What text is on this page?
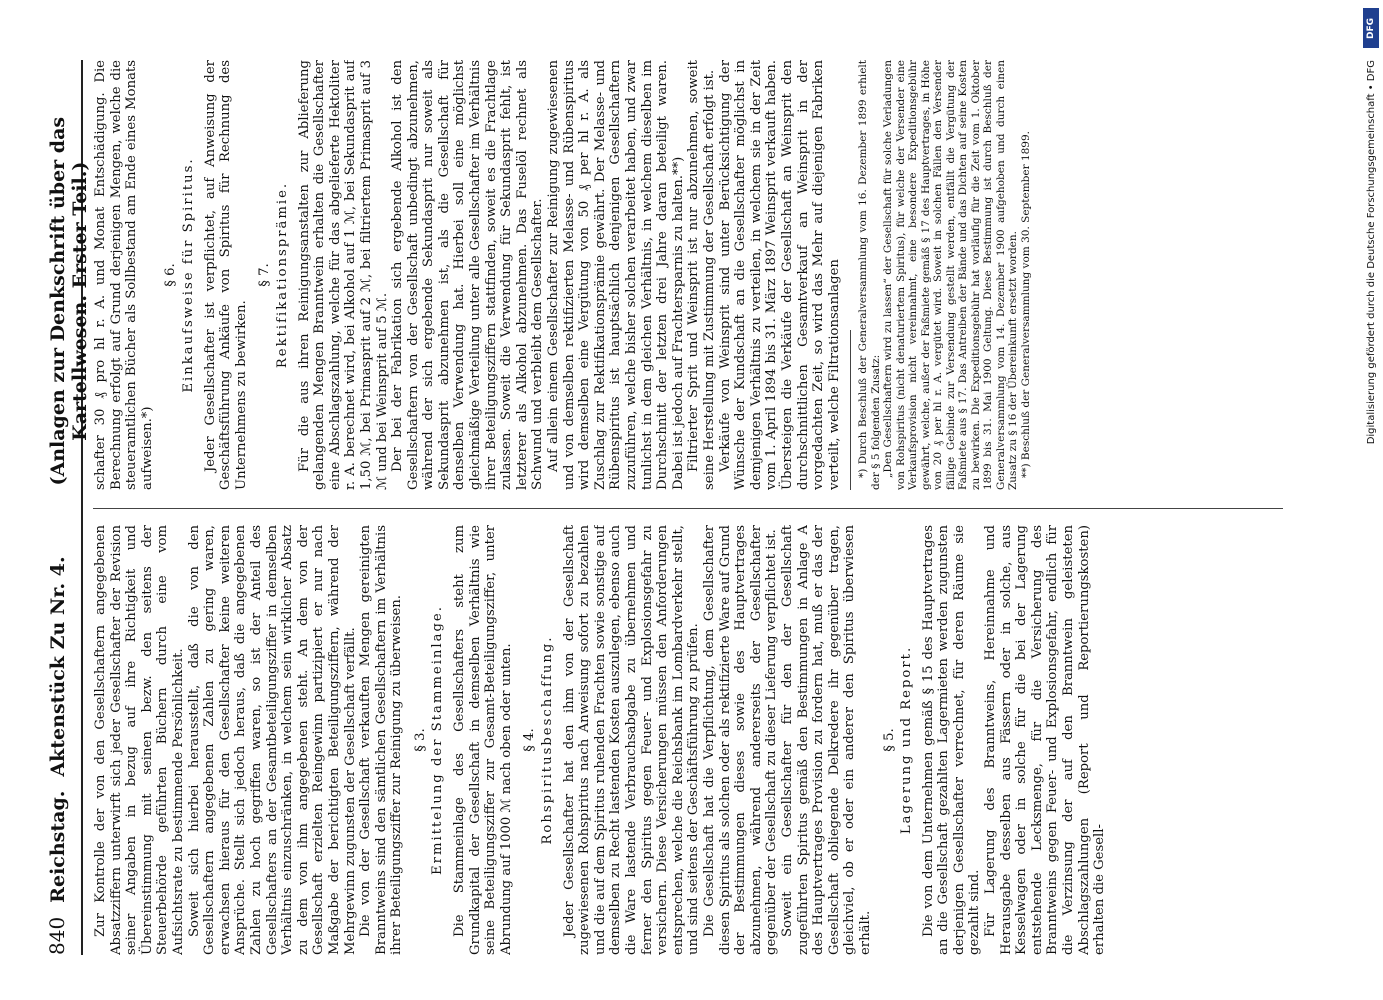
DFG
Digitalisierung gefördert durch die Deutsche Forschungsgemeinschaft • DFG
840
Reichstag.
Aktenstück Zu Nr. 4.
(Anlagen zur Denkschrift über das Kartellwesen. Erster Teil.)

Zur Kontrolle der von den Gesellschaftern angegebenen Absatzziffern unterwirft sich jeder Gesellschafter der Revision seiner Angaben in bezug auf ihre Richtigkeit und Übereinstimmung mit seinen bezw. den seitens der Steuerbehörde geführten Büchern durch eine vom Aufsichtsrate zu bestimmende Persönlichkeit. Soweit sich hierbei herausstellt, daß die von den Gesellschaftern angegebenen Zahlen zu gering waren, erwachsen hieraus für den Gesellschafter keine weiteren Ansprüche. Stellt sich jedoch heraus, daß die angegebenen Zahlen zu hoch gegriffen waren, so ist der Anteil des Gesellschafters an der Gesamtbeteiligungsziffer in demselben Verhältnis einzuschränken, in welchem sein wirklicher Absatz zu dem von ihm angegebenen steht. An dem von der Gesellschaft erzielten Reingewinn partizipiert er nur nach Maßgabe der berichtigten Beteiligungsziffern, während der Mehrgewinn zugunsten der Gesellschaft verfällt. Die von der Gesellschaft verkauften Mengen gereinigten Branntweins sind den sämtlichen Gesellschaftern im Verhältnis ihrer Beteiligungsziffer zur Reinigung zu überweisen. § 3. Ermittelung der Stammeinlage. Die Stammeinlage des Gesellschafters steht zum Grundkapital der Gesellschaft in demselben Verhältnis wie seine Beteiligungsziffer zur Gesamt-Beteiligungsziffer, unter Abrundung auf 1000 ℳ nach oben oder unten. § 4. Rohspiritusbeschaffung. Jeder Gesellschafter hat den ihm von der Gesellschaft zugewiesenen Rohspiritus nach Anweisung sofort zu bezahlen und die auf dem Spiritus ruhenden Frachten sowie sonstige auf demselben zu Recht lastenden Kosten auszulegen, ebenso auch die Ware lastende Verbrauchsabgabe zu übernehmen und ferner den Spiritus gegen Feuer- und Explosionsgefahr zu versichern. Diese Versicherungen müssen den Anforderungen entsprechen, welche die Reichsbank im Lombardverkehr stellt, und sind seitens der Geschäftsführung zu prüfen. Die Gesellschaft hat die Verpflichtung, dem Gesellschafter diesen Spiritus als solchen oder als rektifizierte Ware auf Grund der Bestimmungen dieses sowie des Hauptvertrages abzunehmen, während andererseits der Gesellschafter gegenüber der Gesellschaft zu dieser Lieferung verpflichtet ist. Soweit ein Gesellschafter für den der Gesellschaft zugeführten Spiritus gemäß den Bestimmungen in Anlage A des Hauptvertrages Provision zu fordern hat, muß er das der Gesellschaft obliegende Delkredere ihr gegenüber tragen, gleichviel, ob er oder ein anderer den Spiritus überwiesen erhält.

§ 5. Lagerung und Report. Die von dem Unternehmen gemäß § 15 des Hauptvertrages an die Gesellschaft gezahlten Lagermieten werden zugunsten derjenigen Gesellschafter verrechnet, für deren Räume sie gezahlt sind. Für Lagerung des Branntweins, Hereinnahme und Herausgabe desselben aus Fässern oder in solche, aus Kesselwagen oder in solche für die bei der Lagerung entstehende Lecksmenge, für die Versicherung des Branntweins gegen Feuer- und Explosionsgefahr, endlich für die Verzinsung der auf den Branntwein geleisteten Abschlagszahlungen (Report und Reportierungskosten) erhalten die Gesell-

schafter 30 ₰ pro hl r. A. und Monat Entschädigung. Die Berechnung erfolgt auf Grund derjenigen Mengen, welche die steueramtlichen Bücher als Sollbestand am Ende eines Monats aufweisen.*)

§ 6. Einkaufsweise für Spiritus. Jeder Gesellschafter ist verpflichtet, auf Anweisung der Geschäftsführung Ankäufe von Spiritus für Rechnung des Unternehmens zu bewirken.

§ 7. Rektifikationsprämie. Für die aus ihren Reinigungsanstalten zur Ablieferung gelangenden Mengen Branntwein erhalten die Gesellschafter eine Abschlagszahlung, welche für das abgelieferte Hektoliter r. A. berechnet wird, bei Alkohol auf 1 ℳ, bei Sekundasprit auf 1,50 ℳ, bei Primasprit auf 2 ℳ, bei filtriertem Primasprit auf 3 ℳ und bei Weinsprit auf 5 ℳ. Der bei der Fabrikation sich ergebende Alkohol ist den Gesellschaftern von der Gesellschaft unbedingt abzunehmen, während der sich ergebende Sekundasprit nur soweit als Sekundasprit abzunehmen ist, als die Gesellschaft für denselben Verwendung hat. Hierbei soll eine möglichst gleichmäßige Verteilung unter alle Gesellschafter im Verhältnis ihrer Beteiligungsziffern stattfinden, soweit es die Frachtlage zulassen. Soweit die Verwendung für Sekundasprit fehlt, ist letzterer als Alkohol abzunehmen. Das Fuselöl rechnet als Schwund und verbleibt dem Gesellschafter. Auf allein einem Gesellschafter zur Reinigung zugewiesenen und von demselben rektifizierten Melasse- und Rübenspiritus wird demselben eine Vergütung von 50 ₰ per hl r. A. als Zuschlag zur Rektifikationsprämie gewährt. Der Melasse- und Rübenspiritus ist hauptsächlich denjenigen Gesellschaftern zuzuführen, welche bisher solchen verarbeitet haben, und zwar tunlichst in dem gleichen Verhältnis, in welchem dieselben im Durchschnitt der letzten drei Jahre daran beteiligt waren. Dabei ist jedoch auf Frachtersparnis zu halten.**) Filtrierter Sprit und Weinsprit ist nur abzunehmen, soweit seine Herstellung mit Zustimmung der Gesellschaft erfolgt ist. Verkäufe von Weinsprit sind unter Berücksichtigung der Wünsche der Kundschaft an die Gesellschafter möglichst in demjenigen Verhältnis zu verteilen, in welchem sie in der Zeit vom 1. April 1894 bis 31. März 1897 Weinsprit verkauft haben. Übersteigen die Verkäufe der Gesellschaft an Weinsprit den durchschnittlichen Gesamtverkauf an Weinsprit in der vorgedachten Zeit, so wird das Mehr auf diejenigen Fabriken verteilt, welche Filtrationsanlagen *) Durch Beschluß der Generalversammlung vom 16. Dezember 1899 erhielt der § 5 folgenden Zusatz: „Den Gesellschaftern wird zu lassen“ der Gesellschaft für solche Verladungen von Rohspiritus (nicht denaturiertem Spiritus), für welche der Versender eine Verkaufsprovision nicht vereinnahmt, eine besondere Expeditionsgebühr gewährt, welche, außer der Faßmiete gemäß § 17 des Hauptvertrages, in Höhe von 20 ₰ per hl r. A. vergütet wird. Soweit in solchen Fällen den Versender fällige Gebinde zur Versendung gestellt werden, entfällt die Vergütung der Faßmiete aus § 17. Das Antreiben der Bände und das Dichten auf seine Kosten zu bewirken. Die Expeditionsgebühr hat vorläufig für die Zeit vom 1. Oktober 1899 bis 31. Mai 1900 Geltung. Diese Bestimmung ist durch Beschluß der Generalversammlung vom 14. Dezember 1900 aufgehoben und durch einen Zusatz zu § 16 der Übereinkunft ersetzt worden. **) Beschluß der Generalversammlung vom 30. September 1899.
